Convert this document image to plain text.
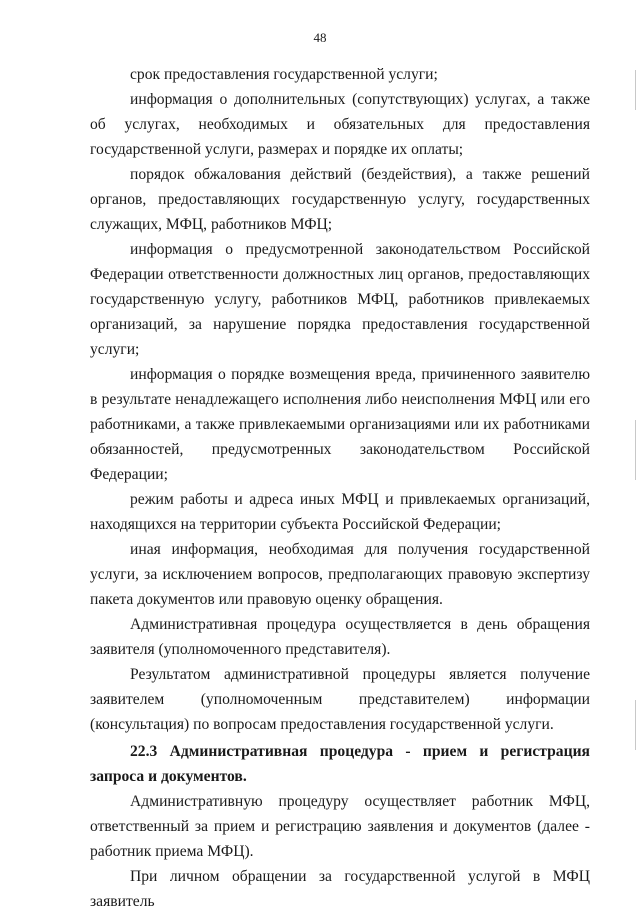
48

срок предоставления государственной услуги;

информация о дополнительных (сопутствующих) услугах, а также об услугах, необходимых и обязательных для предоставления государственной услуги, размерах и порядке их оплаты;

порядок обжалования действий (бездействия), а также решений органов, предоставляющих государственную услугу, государственных служащих, МФЦ, работников МФЦ;

информация о предусмотренной законодательством Российской Федерации ответственности должностных лиц органов, предоставляющих государственную услугу, работников МФЦ, работников привлекаемых организаций, за нарушение порядка предоставления государственной услуги;

информация о порядке возмещения вреда, причиненного заявителю в результате ненадлежащего исполнения либо неисполнения МФЦ или его работниками, а также привлекаемыми организациями или их работниками обязанностей, предусмотренных законодательством Российской Федерации;

режим работы и адреса иных МФЦ и привлекаемых организаций, находящихся на территории субъекта Российской Федерации;

иная информация, необходимая для получения государственной услуги, за исключением вопросов, предполагающих правовую экспертизу пакета документов или правовую оценку обращения.

Административная процедура осуществляется в день обращения заявителя (уполномоченного представителя).

Результатом административной процедуры является получение заявителем (уполномоченным представителем) информации (консультация) по вопросам предоставления государственной услуги.

22.3 Административная процедура - прием и регистрация запроса и документов.

Административную процедуру осуществляет работник МФЦ, ответственный за прием и регистрацию заявления и документов (далее - работник приема МФЦ).

При личном обращении за государственной услугой в МФЦ заявитель
